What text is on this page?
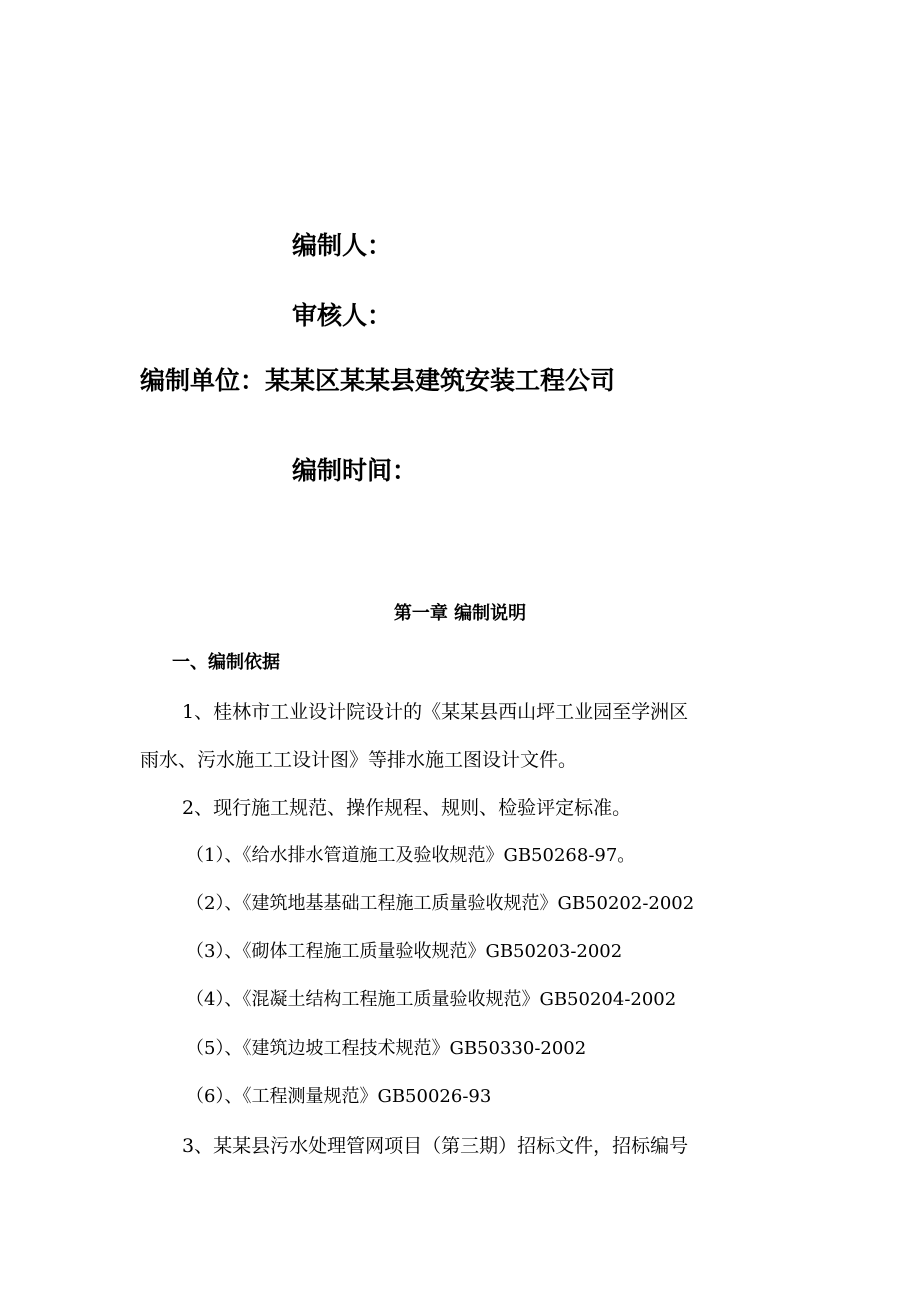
编制人：
审核人：
编制单位：某某区某某县建筑安装工程公司
编制时间：
第一章 编制说明
一、编制依据
1、桂林市工业设计院设计的《某某县西山坪工业园至学洲区
雨水、污水施工工设计图》等排水施工图设计文件。
2、现行施工规范、操作规程、规则、检验评定标准。
（1）、《给水排水管道施工及验收规范》GB50268-97。
（2）、《建筑地基基础工程施工质量验收规范》GB50202-2002
（3）、《砌体工程施工质量验收规范》GB50203-2002
（4）、《混凝土结构工程施工质量验收规范》GB50204-2002
（5）、《建筑边坡工程技术规范》GB50330-2002
（6）、《工程测量规范》GB50026-93
3、某某县污水处理管网项目（第三期）招标文件，招标编号
